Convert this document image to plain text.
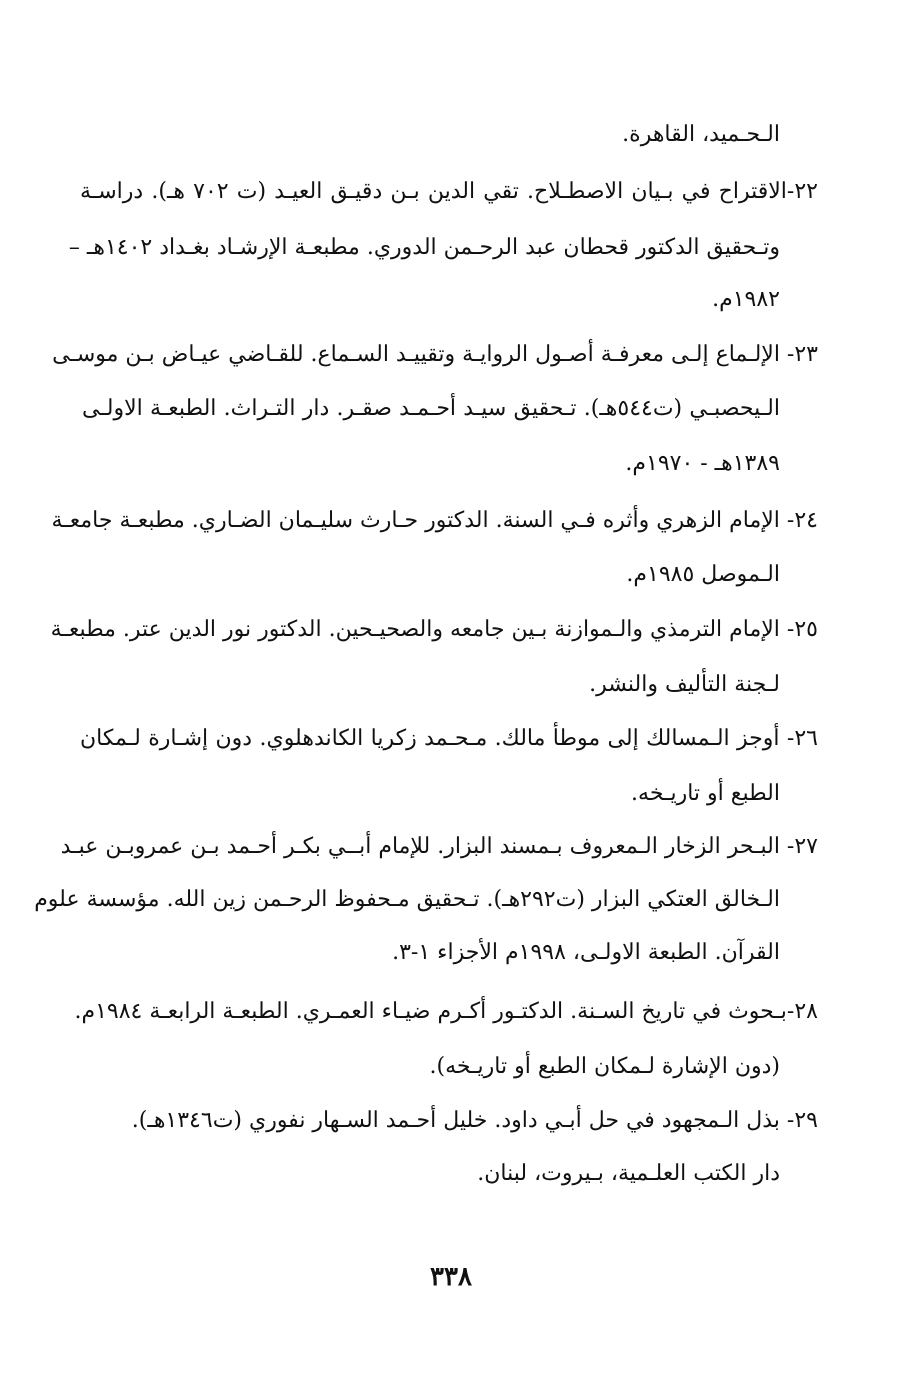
الـحـميد، القاهرة.
٢٢-الاقتراح في بـيان الاصطـلاح. تقي الدين بـن دقيـق العيـد (ت ٧٠٢ هـ). دراسـة
وتـحقيق الدكتور قحطان عبد الرحـمن الدوري. مطبعـة الإرشـاد بغـداد ١٤٠٢هـ –
١٩٨٢م.
٢٣- الإلـماع إلـى معرفـة أصـول الروايـة وتقييـد السـماع. للقـاضي عيـاض بـن موسـى
الـيحصبـي (ت٥٤٤هـ). تـحقيق سيـد أحـمـد صقـر. دار التـراث. الطبعـة الاولـى
١٣٨٩هـ - ١٩٧٠م.
٢٤- الإمام الزهري وأثره فـي السنة. الدكتور حـارث سليـمان الضـاري. مطبعـة جامعـة
الـموصل ١٩٨٥م.
٢٥- الإمام الترمذي والـموازنة بـين جامعه والصحيـحين. الدكتور نور الدين عتر. مطبعـة
لـجنة التأليف والنشر.
٢٦- أوجز الـمسالك إلى موطأ مالك. مـحـمد زكريا الكاندهلوي. دون إشـارة لـمكان
الطبع أو تاريـخه.
٢٧- البـحر الزخار الـمعروف بـمسند البزار. للإمام أبــي بكـر أحـمد بـن عمروبـن عبـد
الـخالق العتكي البزار (ت٢٩٢هـ). تـحقيق مـحفوظ الرحـمن زين الله. مؤسسة علوم
القرآن. الطبعة الاولـى، ١٩٩٨م الأجزاء ١-٣.
٢٨-بـحوث في تاريخ السـنة. الدكتـور أكـرم ضيـاء العمـري. الطبعـة الرابعـة ١٩٨٤م.
(دون الإشارة لـمكان الطبع أو تاريـخه).
٢٩- بذل الـمجهود في حل أبـي داود. خليل أحـمد السـهار نفوري (ت١٣٤٦هـ).
دار الكتب العلـمية، بـيروت، لبنان.
٣٣٨
